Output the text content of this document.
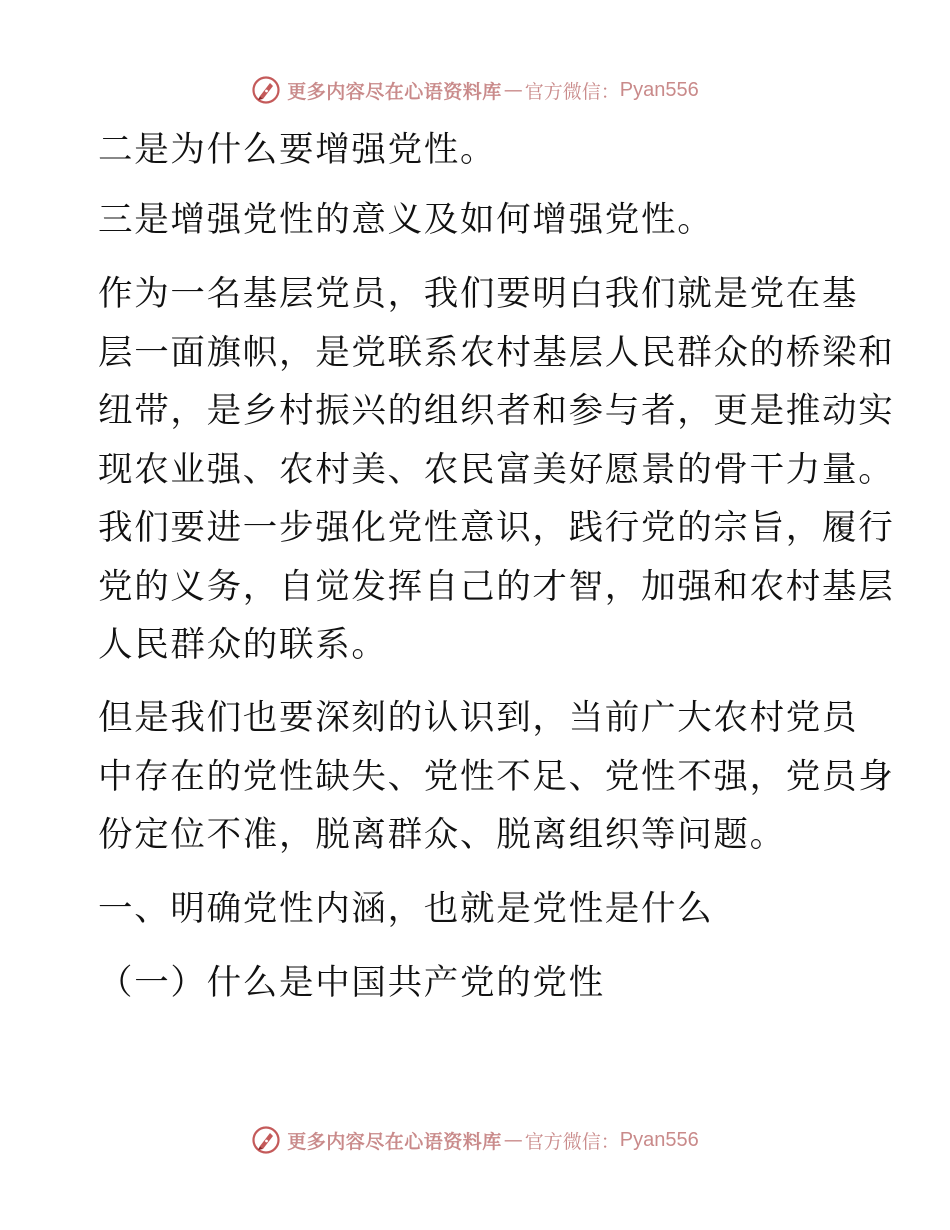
更多内容尽在心语资料库 — 官方微信： Pyan556
二是为什么要增强党性。
三是增强党性的意义及如何增强党性。
作为一名基层党员，我们要明白我们就是党在基
层一面旗帜，是党联系农村基层人民群众的桥梁和
纽带，是乡村振兴的组织者和参与者，更是推动实
现农业强、农村美、农民富美好愿景的骨干力量。
我们要进一步强化党性意识，践行党的宗旨，履行
党的义务，自觉发挥自己的才智，加强和农村基层
人民群众的联系。
但是我们也要深刻的认识到，当前广大农村党员
中存在的党性缺失、党性不足、党性不强，党员身
份定位不准，脱离群众、脱离组织等问题。
一、明确党性内涵，也就是党性是什么
（一）什么是中国共产党的党性
更多内容尽在心语资料库 — 官方微信： Pyan556
